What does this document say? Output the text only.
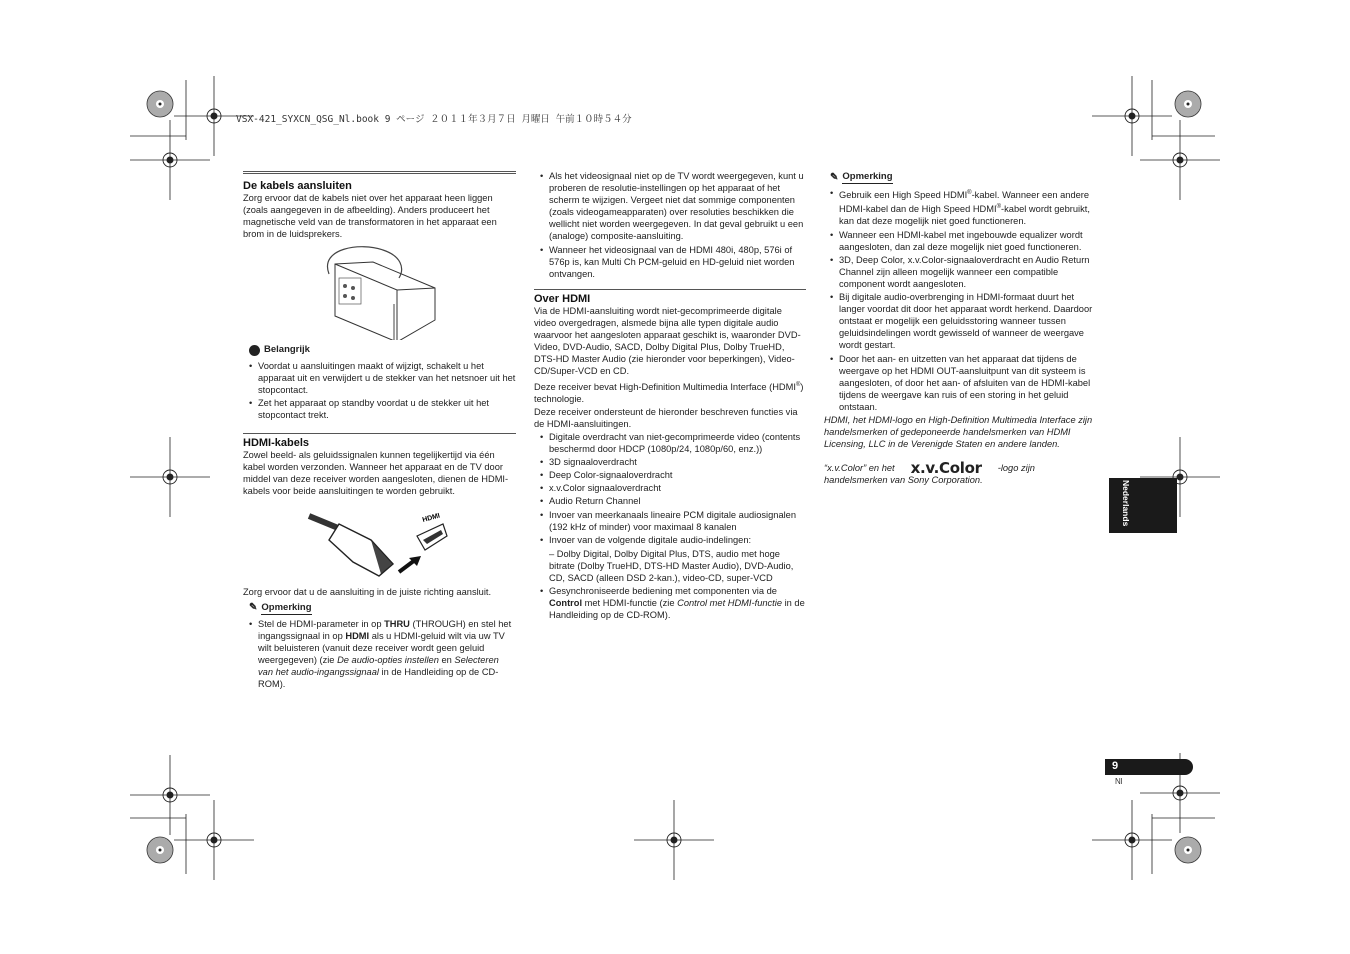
VSX-421_SYXCN_QSG_Nl.book 9 ページ ２０１１年３月７日 月曜日 午前１０時５４分
De kabels aansluiten

Zorg ervoor dat de kabels niet over het apparaat heen liggen (zoals aangegeven in de afbeelding). Anders produceert het magnetische veld van de transformatoren in het apparaat een brom in de luidsprekers.

Belangrijk
• Voordat u aansluitingen maakt of wijzigt, schakelt u het apparaat uit en verwijdert u de stekker van het netsnoer uit het stopcontact.
• Zet het apparaat op standby voordat u de stekker uit het stopcontact trekt.
HDMI-kabels

Zowel beeld- als geluidssignalen kunnen tegelijkertijd via één kabel worden verzonden. Wanneer het apparaat en de TV door middel van deze receiver worden aangesloten, dienen de HDMI-kabels voor beide aansluitingen te worden gebruikt.

HDMI

Zorg ervoor dat u de aansluiting in de juiste richting aansluit.

✎ Opmerking
• Stel de HDMI-parameter in op THRU (THROUGH) en stel het ingangssignaal in op HDMI als u HDMI-geluid wilt via uw TV wilt beluisteren (vanuit deze receiver wordt geen geluid weergegeven) (zie De audio-opties instellen en Selecteren van het audio-ingangssignaal in de Handleiding op de CD-ROM).
• Als het videosignaal niet op de TV wordt weergegeven, kunt u proberen de resolutie-instellingen op het apparaat of het scherm te wijzigen. Vergeet niet dat sommige componenten (zoals videogameapparaten) over resoluties beschikken die wellicht niet worden weergegeven. In dat geval gebruikt u een (analoge) composite-aansluiting.
• Wanneer het videosignaal van de HDMI 480i, 480p, 576i of 576p is, kan Multi Ch PCM-geluid en HD-geluid niet worden ontvangen.
Over HDMI

Via de HDMI-aansluiting wordt niet-gecomprimeerde digitale video overgedragen, alsmede bijna alle typen digitale audio waarvoor het aangesloten apparaat geschikt is, waaronder DVD-Video, DVD-Audio, SACD, Dolby Digital Plus, Dolby TrueHD, DTS-HD Master Audio (zie hieronder voor beperkingen), Video-CD/Super-VCD en CD.

Deze receiver bevat High-Definition Multimedia Interface (HDMI®) technologie.

Deze receiver ondersteunt de hieronder beschreven functies via de HDMI-aansluitingen.

• Digitale overdracht van niet-gecomprimeerde video (contents beschermd door HDCP (1080p/24, 1080p/60, enz.))
• 3D signaaloverdracht
• Deep Color-signaaloverdracht
• x.v.Color signaaloverdracht
• Audio Return Channel
• Invoer van meerkanaals lineaire PCM digitale audiosignalen (192 kHz of minder) voor maximaal 8 kanalen
• Invoer van de volgende digitale audio-indelingen:
– Dolby Digital, Dolby Digital Plus, DTS, audio met hoge bitrate (Dolby TrueHD, DTS-HD Master Audio), DVD-Audio, CD, SACD (alleen DSD 2-kan.), video-CD, super-VCD
• Gesynchroniseerde bediening met componenten via de Control met HDMI-functie (zie Control met HDMI-functie in de Handleiding op de CD-ROM).
✎ Opmerking
• Gebruik een High Speed HDMI®-kabel. Wanneer een andere HDMI-kabel dan de High Speed HDMI®-kabel wordt gebruikt, kan dat deze mogelijk niet goed functioneren.
• Wanneer een HDMI-kabel met ingebouwde equalizer wordt aangesloten, dan zal deze mogelijk niet goed functioneren.
• 3D, Deep Color, x.v.Color-signaaloverdracht en Audio Return Channel zijn alleen mogelijk wanneer een compatible component wordt aangesloten.
• Bij digitale audio-overbrenging in HDMI-formaat duurt het langer voordat dit door het apparaat wordt herkend. Daardoor ontstaat er mogelijk een geluidsstoring wanneer tussen geluidsindelingen wordt gewisseld of wanneer de weergave wordt gestart.
• Door het aan- en uitzetten van het apparaat dat tijdens de weergave op het HDMI OUT-aansluitpunt van dit systeem is aangesloten, of door het aan- of afsluiten van de HDMI-kabel tijdens de weergave kan ruis of een storing in het geluid ontstaan.

HDMI, het HDMI-logo en High-Definition Multimedia Interface zijn handelsmerken of gedeponeerde handelsmerken van HDMI Licensing, LLC in de Verenigde Staten en andere landen.

“x.v.Color” en het x.v.Color -logo zijn

handelsmerken van Sony Corporation.	Nederlands
9
Nl
